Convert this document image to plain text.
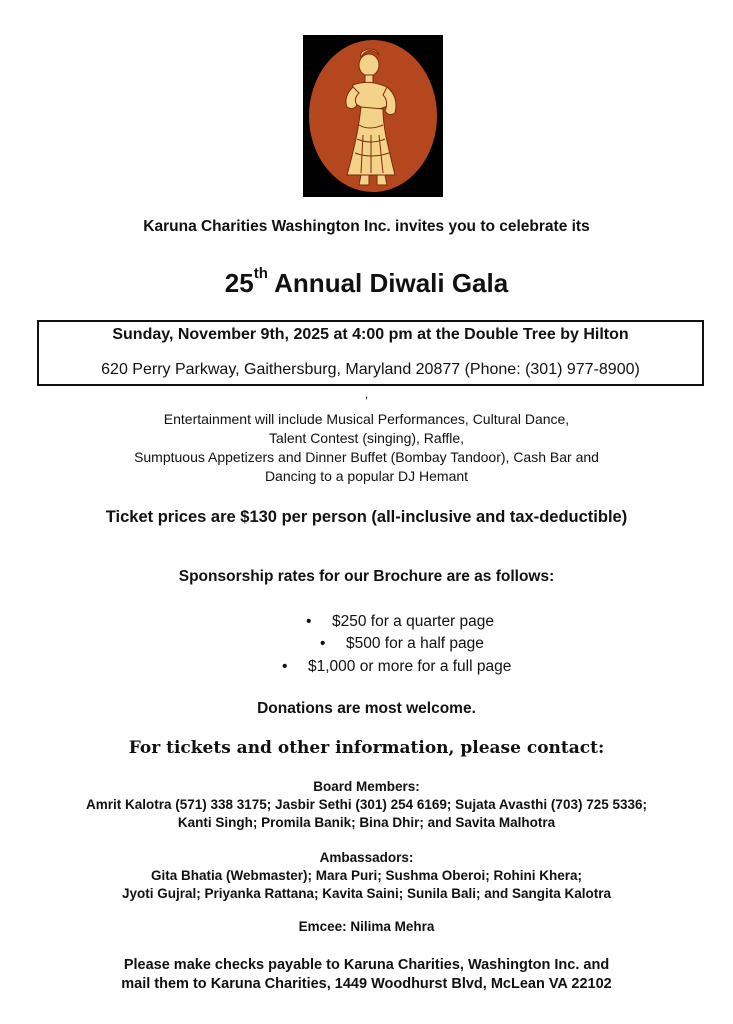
Karuna Charities Washington Inc. invites you to celebrate its
25th Annual Diwali Gala
Sunday, November 9th, 2025 at 4:00 pm at the Double Tree by Hilton
620 Perry Parkway, Gaithersburg, Maryland 20877 (Phone: (301) 977-8900)
,
Entertainment will include Musical Performances, Cultural Dance,
Talent Contest (singing), Raffle,
Sumptuous Appetizers and Dinner Buffet (Bombay Tandoor), Cash Bar and
Dancing to a popular DJ Hemant
Ticket prices are $130 per person (all-inclusive and tax-deductible)
Sponsorship rates for our Brochure are as follows:
• $250 for a quarter page
• $500 for a half page
• $1,000 or more for a full page
Donations are most welcome.
For tickets and other information, please contact:
Board Members:
Amrit Kalotra (571) 338 3175; Jasbir Sethi (301) 254 6169; Sujata Avasthi (703) 725 5336;
Kanti Singh; Promila Banik; Bina Dhir; and Savita Malhotra
Ambassadors:
Gita Bhatia (Webmaster); Mara Puri; Sushma Oberoi; Rohini Khera;
Jyoti Gujral; Priyanka Rattana; Kavita Saini; Sunila Bali; and Sangita Kalotra
Emcee: Nilima Mehra
Please make checks payable to Karuna Charities, Washington Inc. and
mail them to Karuna Charities, 1449 Woodhurst Blvd, McLean VA 22102
